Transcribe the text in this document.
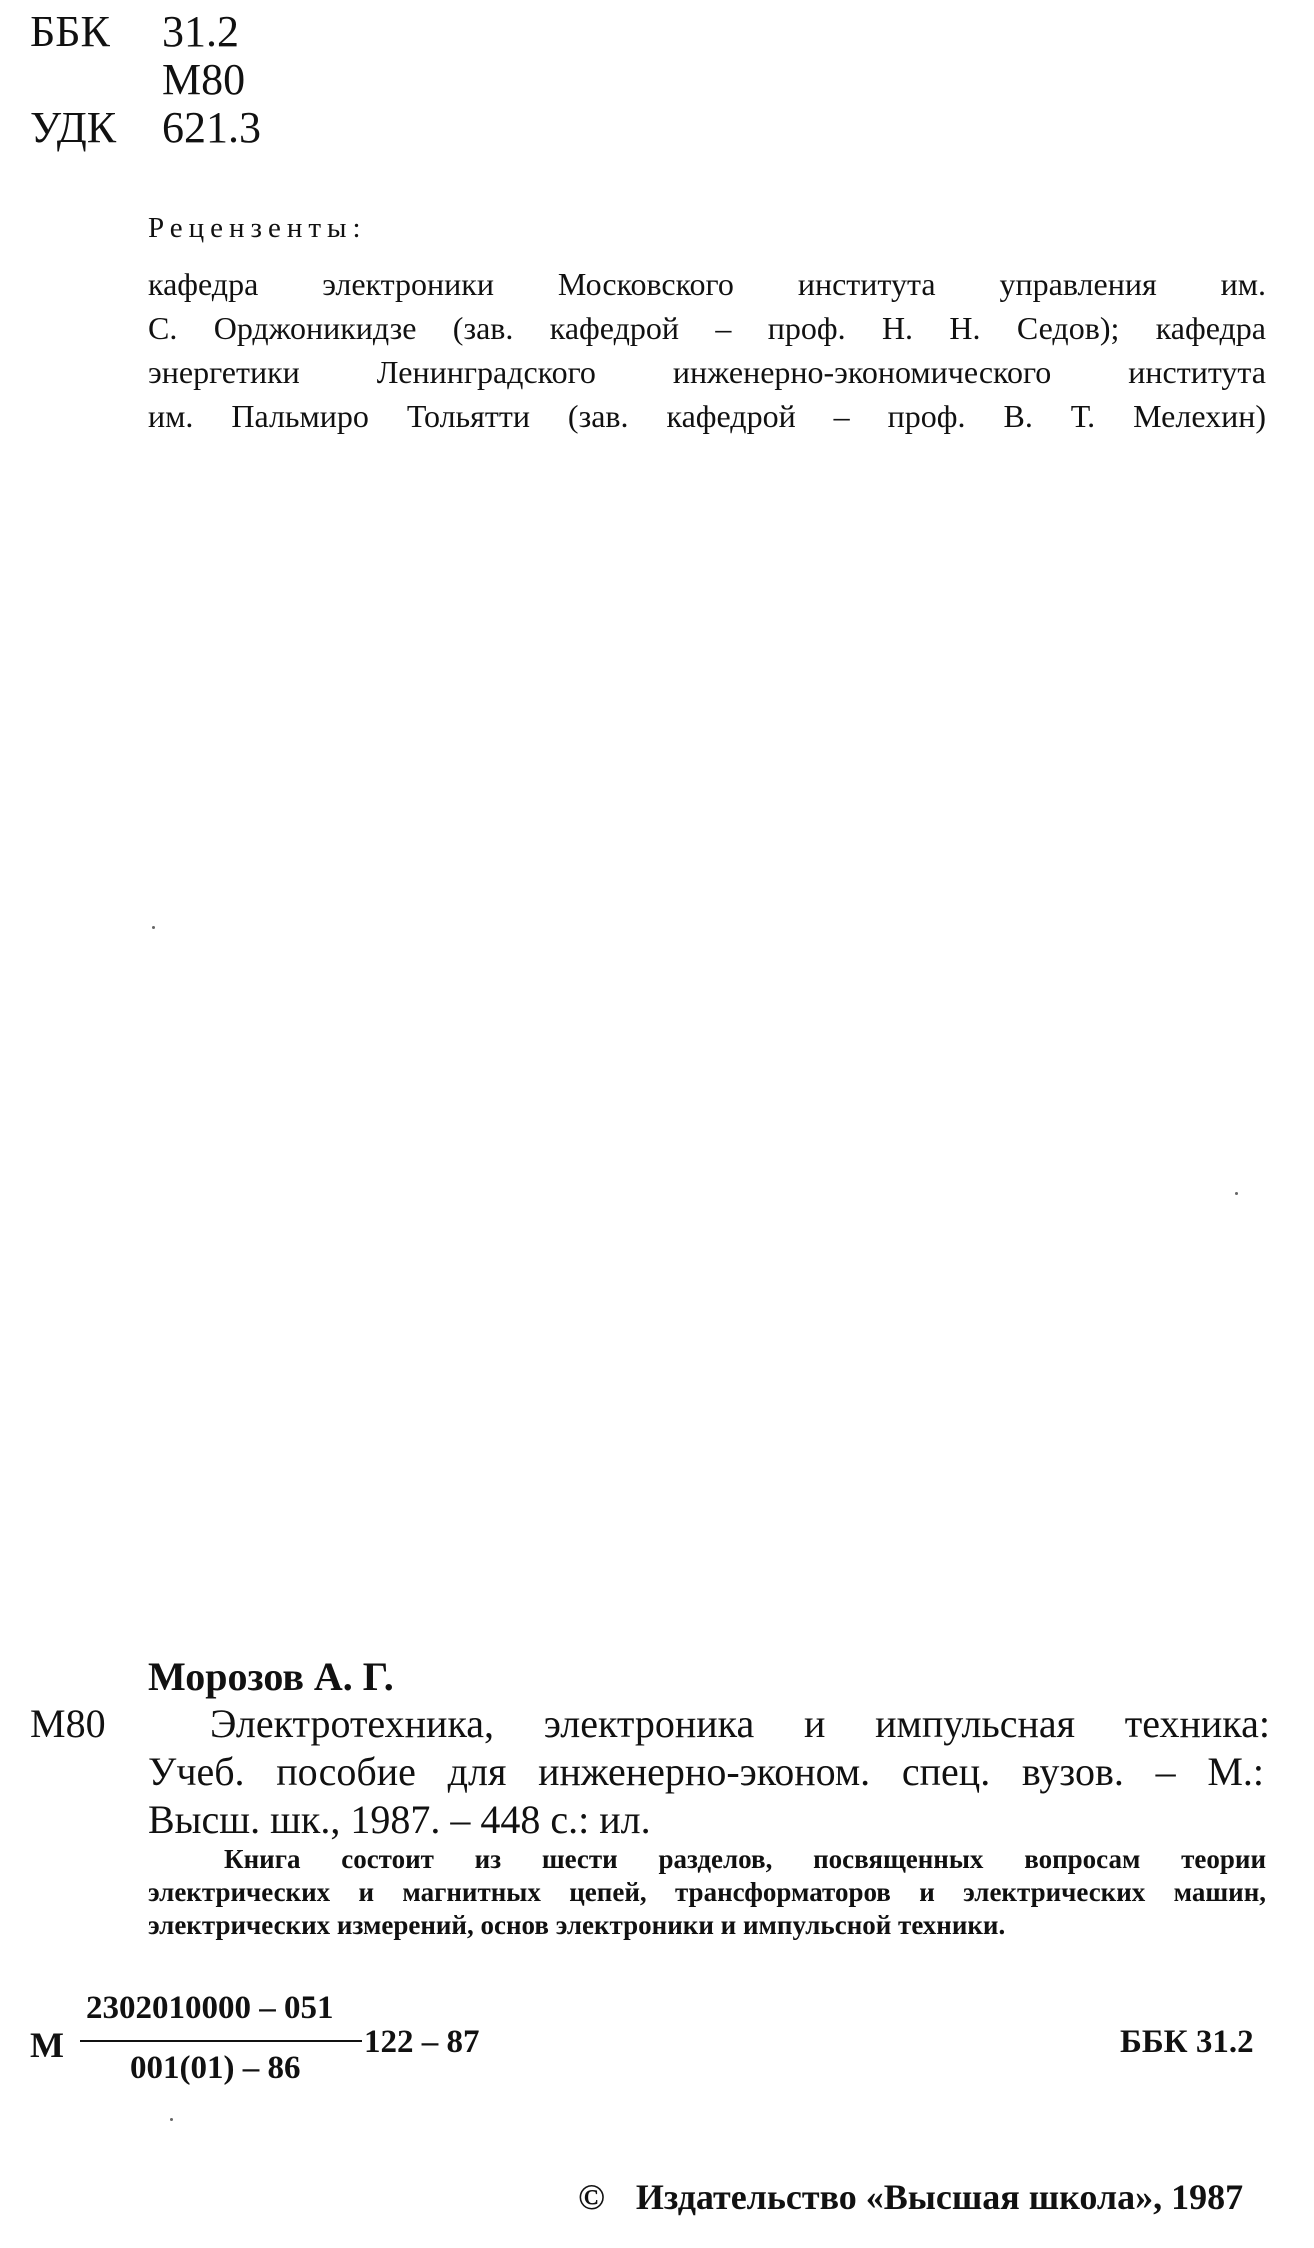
ББК 31.2
М80
УДК 621.3
Рецензенты:
кафедра электроники Московского института управления им.
С. Орджоникидзе (зав. кафедрой – проф. Н. Н. Седов); кафедра
энергетики Ленинградского инженерно-экономического института
им. Пальмиро Тольятти (зав. кафедрой – проф. В. Т. Мелехин)
Морозов А. Г.
М80	Электротехника, электроника и импульсная техника:
Учеб. пособие для инженерно-эконом. спец. вузов. – М.:
Высш. шк., 1987. – 448 с.: ил.
Книга состоит из шести разделов, посвященных вопросам теории
электрических и магнитных цепей, трансформаторов и электрических машин,
электрических измерений, основ электроники и импульсной техники.
М
2302010000 – 051
001(01) – 86
122 – 87	ББК 31.2
© Издательство «Высшая школа», 1987
